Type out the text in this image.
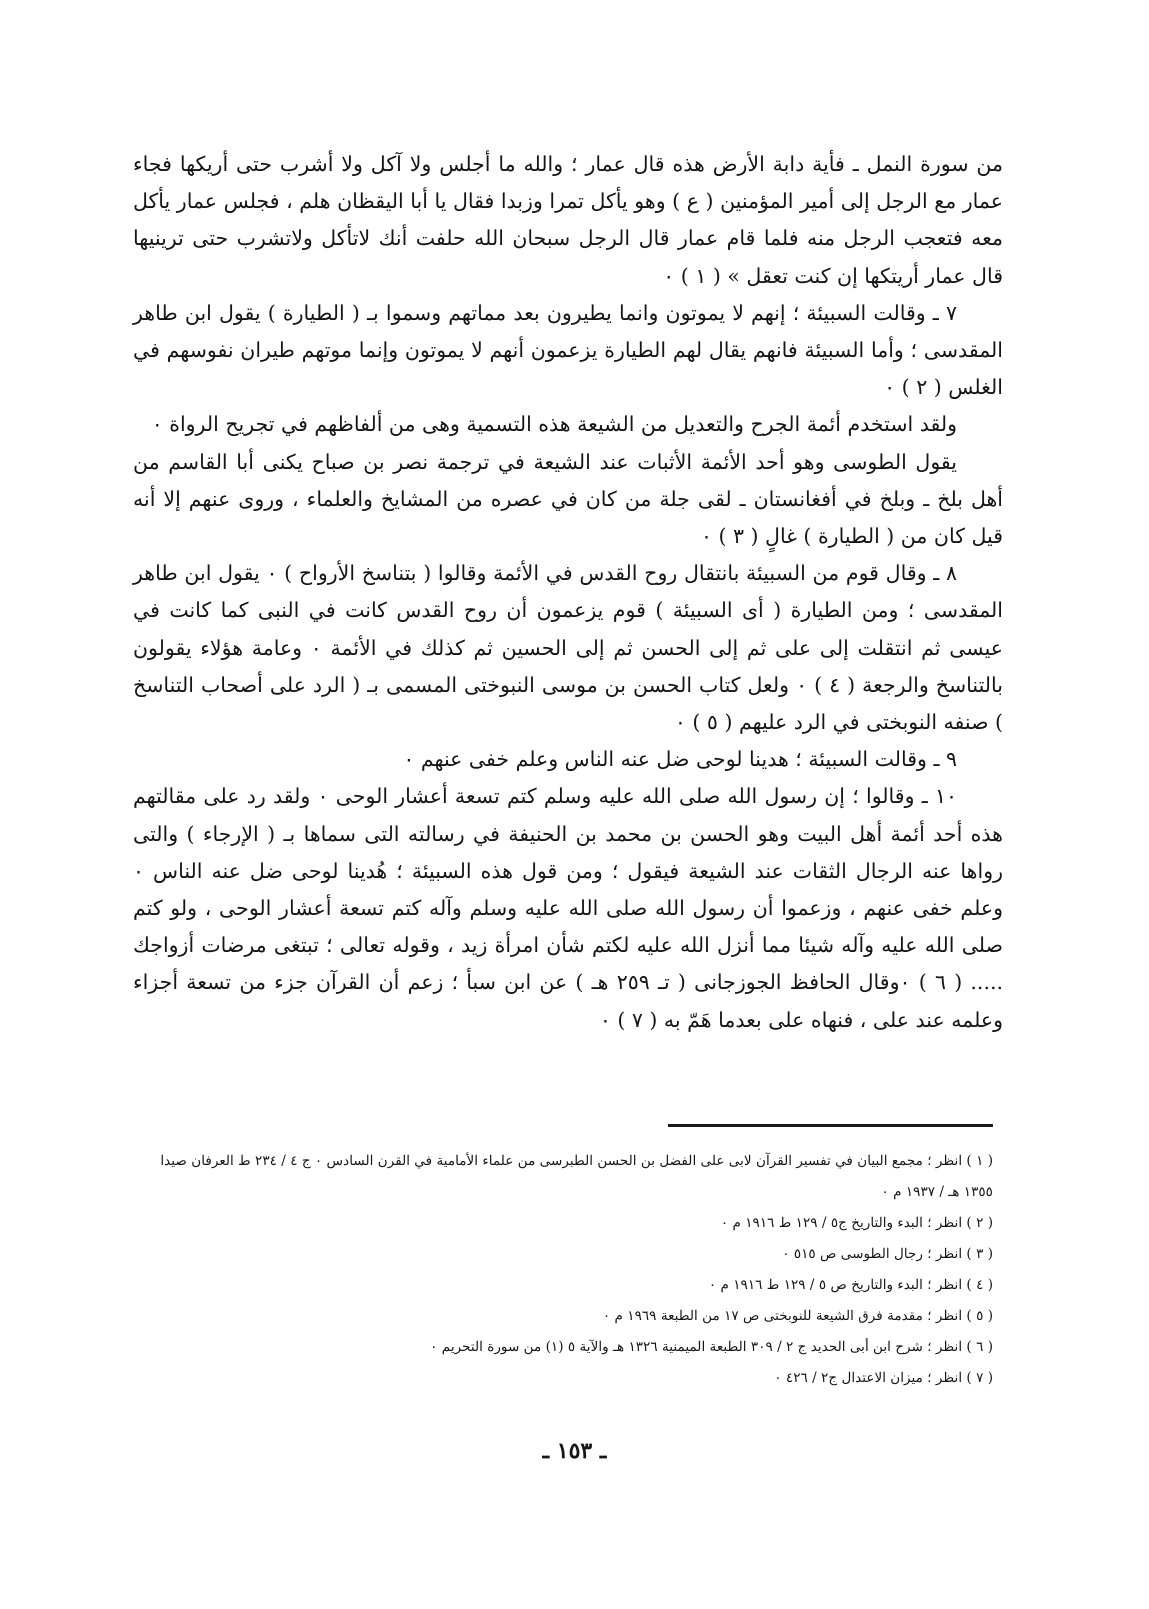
من سورة النمل ـ فأية دابة الأرض هذه قال عمار ؛ والله ما أجلس ولا آكل ولا أشرب حتى أريكها فجاء عمار مع الرجل إلى أمير المؤمنين ( ع ) وهو يأكل تمرا وزبدا فقال يا أبا اليقظان هلم ، فجلس عمار يأكل معه فتعجب الرجل منه فلما قام عمار قال الرجل سبحان الله حلفت أنك لاتأكل ولاتشرب حتى ترينيها قال عمار أريتكها إن كنت تعقل » ( ١ ) ٠

٧ ـ وقالت السبيئة ؛ إنهم لا يموتون وانما يطيرون بعد مماتهم وسموا بـ ( الطيارة ) يقول ابن طاهر المقدسى ؛ وأما السبيئة فانهم يقال لهم الطيارة يزعمون أنهم لا يموتون وإنما موتهم طيران نفوسهم في الغلس ( ٢ ) ٠

ولقد استخدم أئمة الجرح والتعديل من الشيعة هذه التسمية وهى من ألفاظهم في تجريح الرواة ٠

يقول الطوسى وهو أحد الأئمة الأثبات عند الشيعة في ترجمة نصر بن صباح يكنى أبا القاسم من أهل بلخ ـ وبلخ في أفغانستان ـ لقى جلة من كان في عصره من المشايخ والعلماء ، وروى عنهم إلا أنه قيل كان من ( الطيارة ) غالٍ ( ٣ ) ٠

٨ ـ وقال قوم من السبيئة بانتقال روح القدس في الأئمة وقالوا ( بتناسخ الأرواح ) ٠ يقول ابن طاهر المقدسى ؛ ومن الطيارة ( أى السبيئة ) قوم يزعمون أن روح القدس كانت في النبى كما كانت في عيسى ثم انتقلت إلى على ثم إلى الحسن ثم إلى الحسين ثم كذلك في الأئمة ٠ وعامة هؤلاء يقولون بالتناسخ والرجعة ( ٤ ) ٠ ولعل كتاب الحسن بن موسى النبوختى المسمى بـ ( الرد على أصحاب التناسخ ) صنفه النوبختى في الرد عليهم ( ٥ ) ٠

٩ ـ وقالت السبيئة ؛ هدينا لوحى ضل عنه الناس وعلم خفى عنهم ٠

١٠ ـ وقالوا ؛ إن رسول الله صلى الله عليه وسلم كتم تسعة أعشار الوحى ٠ ولقد رد على مقالتهم هذه أحد أئمة أهل البيت وهو الحسن بن محمد بن الحنيفة في رسالته التى سماها بـ ( الإرجاء ) والتى رواها عنه الرجال الثقات عند الشيعة فيقول ؛ ومن قول هذه السبيئة ؛ هُدينا لوحى ضل عنه الناس ٠ وعلم خفى عنهم ، وزعموا أن رسول الله صلى الله عليه وسلم وآله كتم تسعة أعشار الوحى ، ولو كتم صلى الله عليه وآله شيئا مما أنزل الله عليه لكتم شأن امرأة زيد ، وقوله تعالى ؛ تبتغى مرضات أزواجك ..... ( ٦ ) ٠وقال الحافظ الجوزجانى ( تـ ٢٥٩ هـ ) عن ابن سبأ ؛ زعم أن القرآن جزء من تسعة أجزاء وعلمه عند على ، فنهاه على بعدما هَمّ به ( ٧ ) ٠

( ١ ) انظر ؛ مجمع البيان في تفسير القرآن لابى على الفضل بن الحسن الطبرسى من علماء الأمامية في القرن السادس ٠ ج ٤ / ٢٣٤ ط العرفان صيدا ١٣٥٥ هـ / ١٩٣٧ م ٠

( ٢ ) انظر ؛ البدء والتاريخ ج٥ / ١٢٩ ط ١٩١٦ م ٠

( ٣ ) انظر ؛ رجال الطوسى ص ٥١٥ ٠

( ٤ ) انظر ؛ البدء والتاريخ ص ٥ / ١٢٩ ط ١٩١٦ م ٠

( ٥ ) انظر ؛ مقدمة فرق الشيعة للنوبختى ص ١٧ من الطبعة ١٩٦٩ م ٠

( ٦ ) انظر ؛ شرح ابن أبى الحديد ج ٢ / ٣٠٩ الطبعة الميمنية ١٣٢٦ هـ والآية ٥ (١) من سورة التحريم ٠

( ٧ ) انظر ؛ ميزان الاعتدال ج٢ / ٤٢٦ ٠

ـ ١٥٣ ـ
